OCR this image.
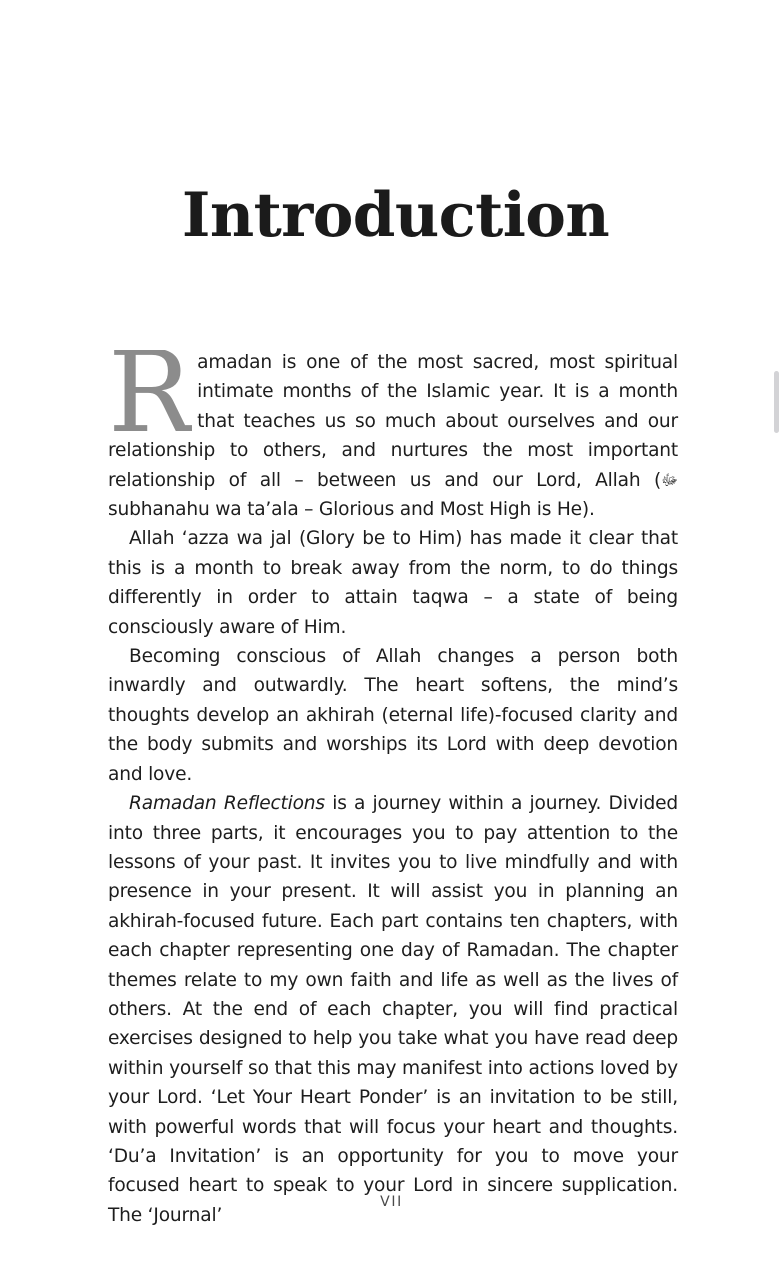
Introduction

Ramadan is one of the most sacred, most spiritual intimate months of the Islamic year. It is a month that teaches us so much about ourselves and our relationship to others, and nurtures the most important relationship of all – between us and our Lord, Allah (ﷻ subhanahu wa ta’ala – Glorious and Most High is He).

Allah ‘azza wa jal (Glory be to Him) has made it clear that this is a month to break away from the norm, to do things differently in order to attain taqwa – a state of being consciously aware of Him.

Becoming conscious of Allah changes a person both inwardly and outwardly. The heart softens, the mind’s thoughts develop an akhirah (eternal life)-focused clarity and the body submits and worships its Lord with deep devotion and love.

Ramadan Reflections is a journey within a journey. Divided into three parts, it encourages you to pay attention to the lessons of your past. It invites you to live mindfully and with presence in your present. It will assist you in planning an akhirah-focused future. Each part contains ten chapters, with each chapter representing one day of Ramadan. The chapter themes relate to my own faith and life as well as the lives of others. At the end of each chapter, you will find practical exercises designed to help you take what you have read deep within yourself so that this may manifest into actions loved by your Lord. ‘Let Your Heart Ponder’ is an invitation to be still, with powerful words that will focus your heart and thoughts. ‘Du’a Invitation’ is an opportunity for you to move your focused heart to speak to your Lord in sincere supplication. The ‘Journal’

VII
